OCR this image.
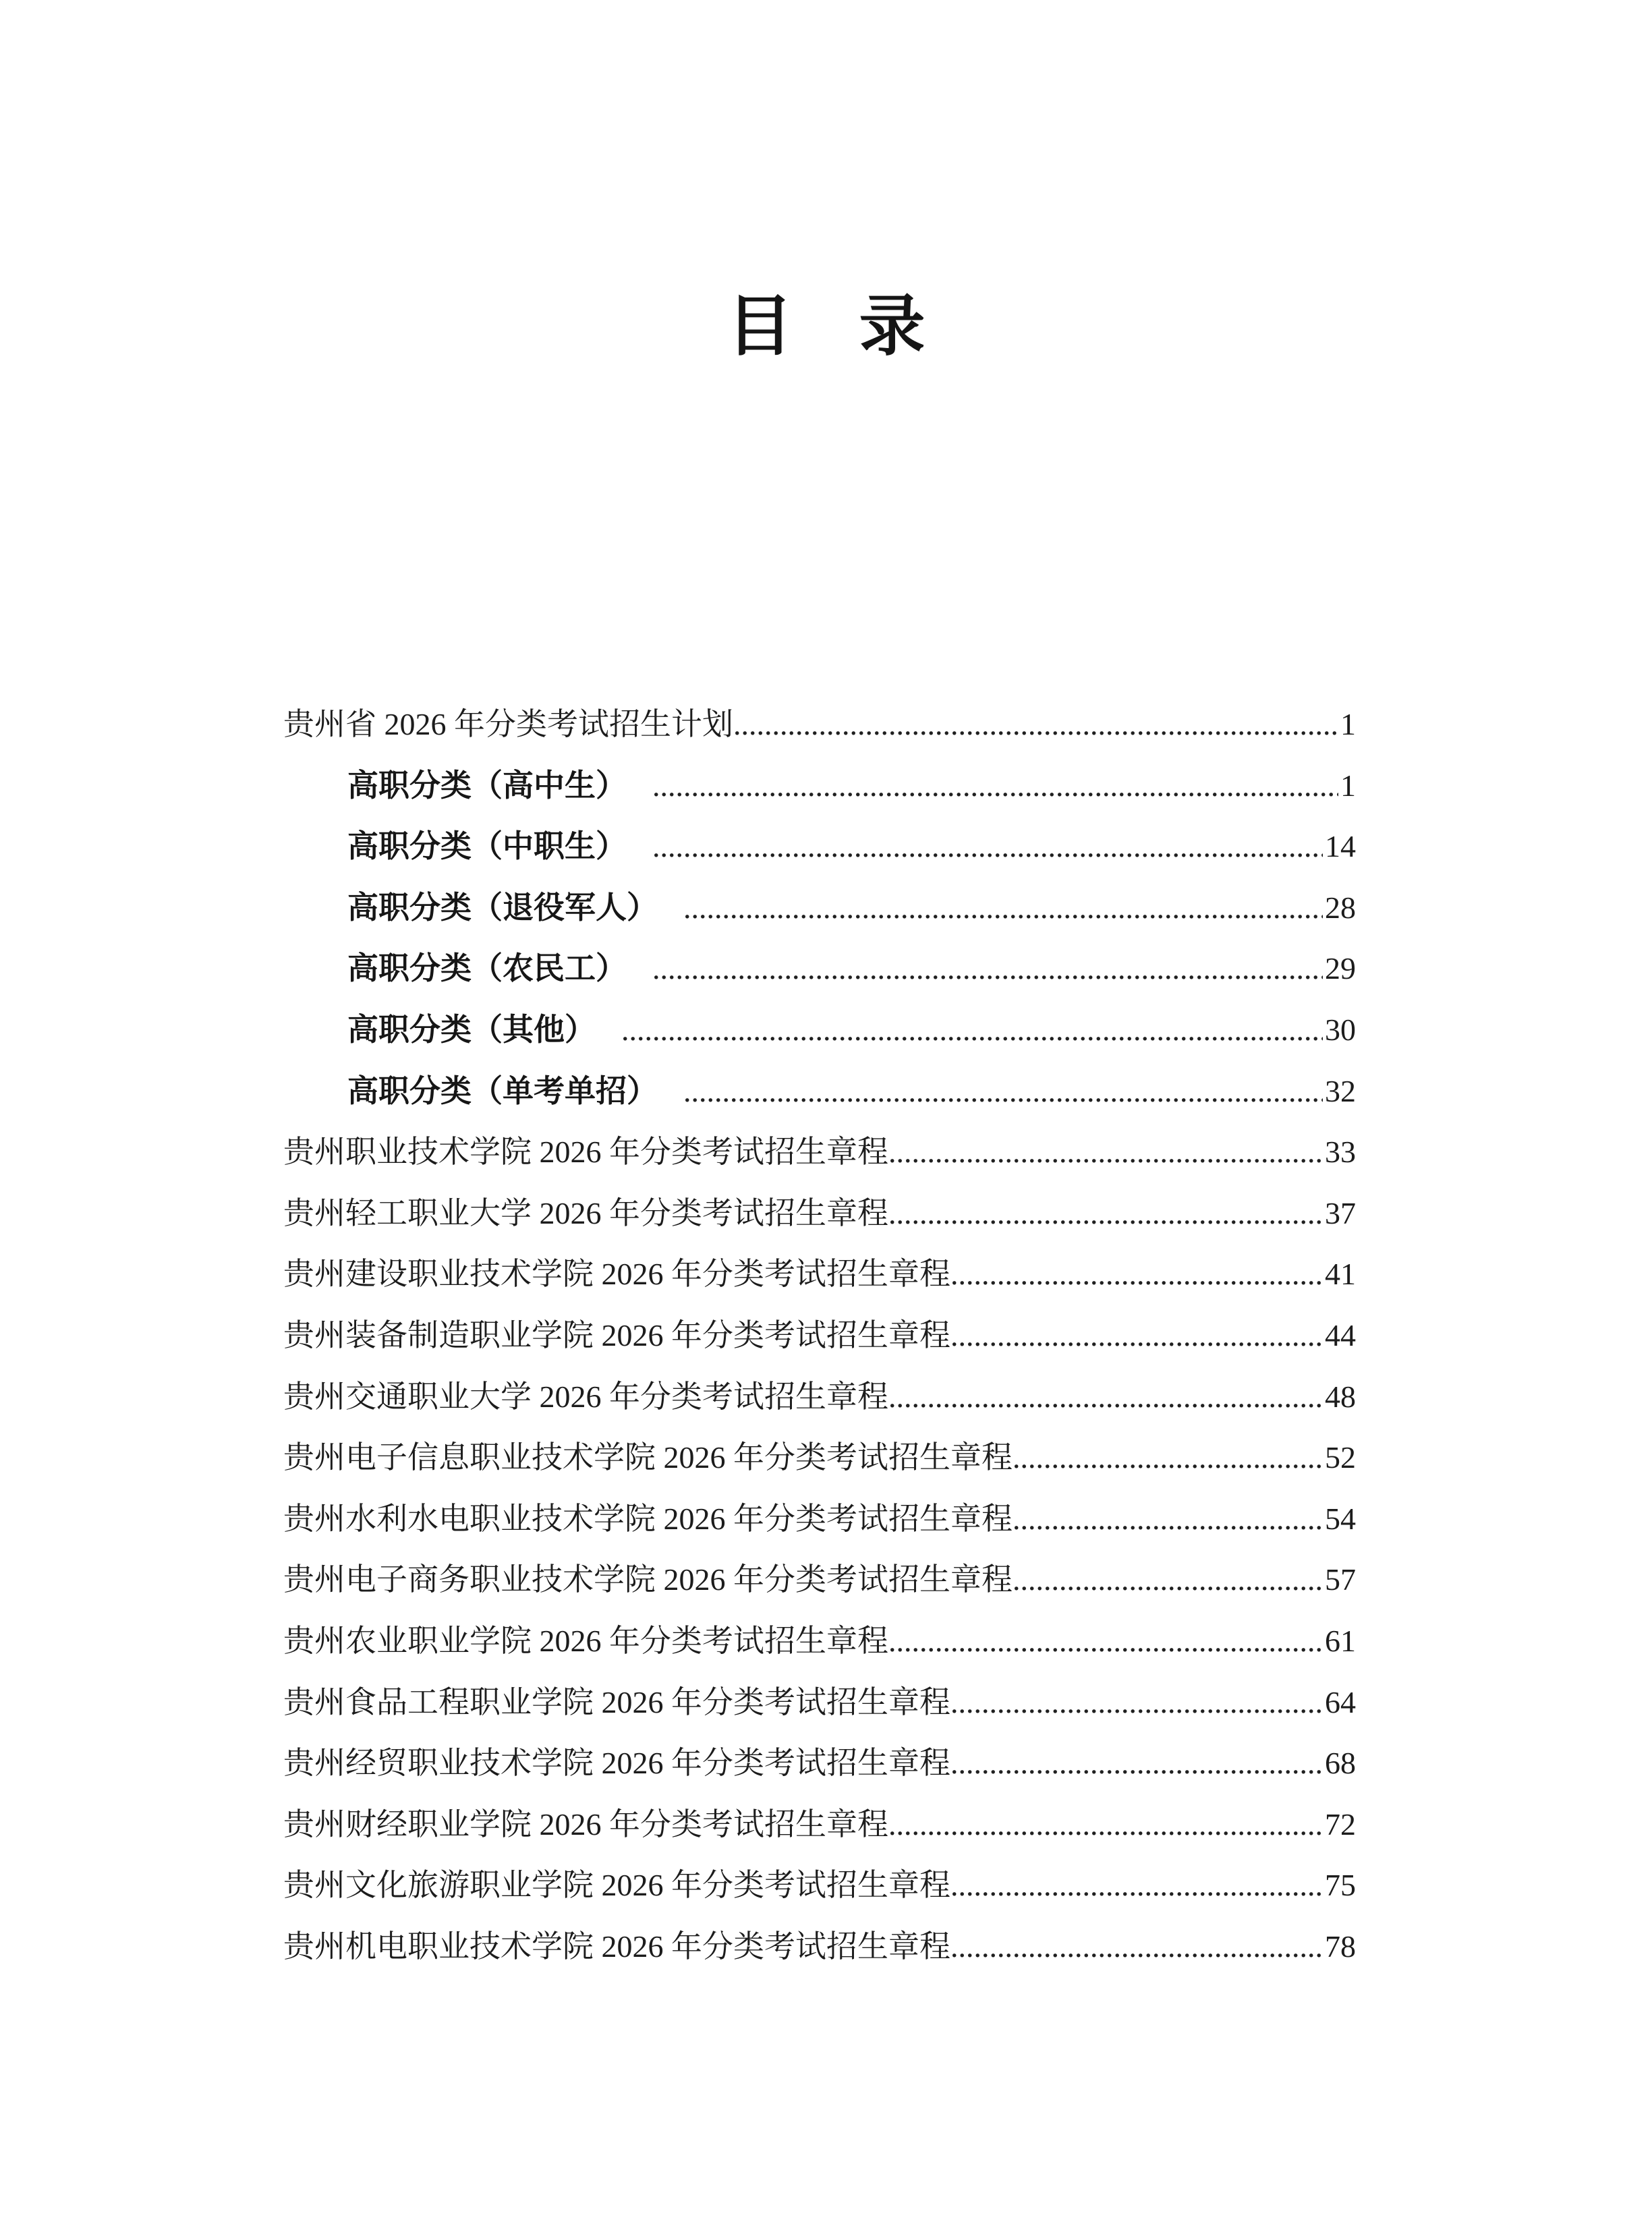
目　录
贵州省 2026 年分类考试招生计划 .....	1
高职分类（高中生） .....	1
高职分类（中职生） .....	14
高职分类（退役军人） .....	28
高职分类（农民工） .....	29
高职分类（其他） .....	30
高职分类（单考单招） .....	32
贵州职业技术学院 2026 年分类考试招生章程 .....	33
贵州轻工职业大学 2026 年分类考试招生章程 .....	37
贵州建设职业技术学院 2026 年分类考试招生章程 .....	41
贵州装备制造职业学院 2026 年分类考试招生章程 .....	44
贵州交通职业大学 2026 年分类考试招生章程 .....	48
贵州电子信息职业技术学院 2026 年分类考试招生章程 .....	52
贵州水利水电职业技术学院 2026 年分类考试招生章程 .....	54
贵州电子商务职业技术学院 2026 年分类考试招生章程 .....	57
贵州农业职业学院 2026 年分类考试招生章程 .....	61
贵州食品工程职业学院 2026 年分类考试招生章程 .....	64
贵州经贸职业技术学院 2026 年分类考试招生章程 .....	68
贵州财经职业学院 2026 年分类考试招生章程 .....	72
贵州文化旅游职业学院 2026 年分类考试招生章程 .....	75
贵州机电职业技术学院 2026 年分类考试招生章程 .....	78
